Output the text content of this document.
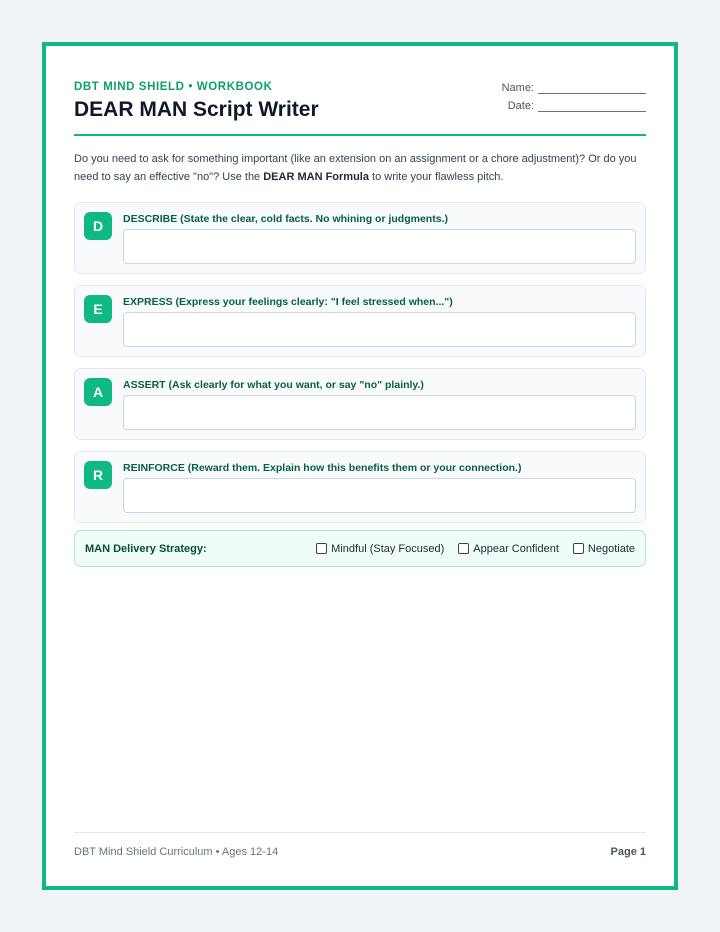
DBT MIND SHIELD • WORKBOOK
DEAR MAN Script Writer
Name:
Date:
Do you need to ask for something important (like an extension on an assignment or a chore adjustment)? Or do you need to say an effective "no"? Use the DEAR MAN Formula to write your flawless pitch.
D	DESCRIBE (State the clear, cold facts. No whining or judgments.)
E	EXPRESS (Express your feelings clearly: "I feel stressed when...")
A	ASSERT (Ask clearly for what you want, or say "no" plainly.)
R	REINFORCE (Reward them. Explain how this benefits them or your connection.)
MAN Delivery Strategy:	Mindful (Stay Focused)	Appear Confident	Negotiate
DBT Mind Shield Curriculum • Ages 12-14	Page 1
